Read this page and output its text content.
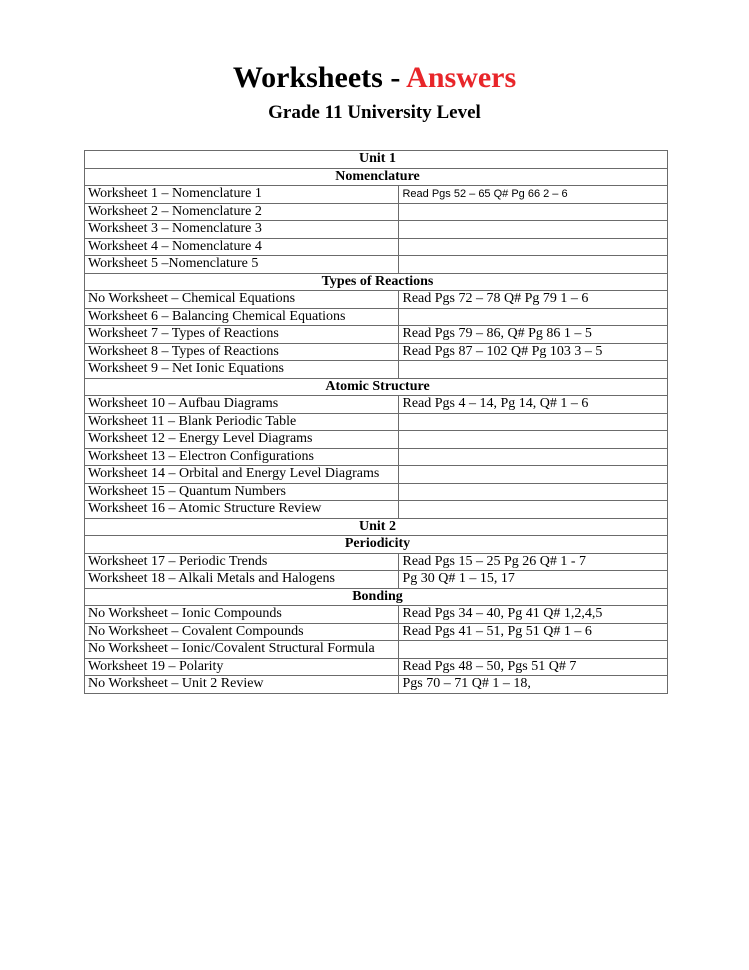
Worksheets - Answers
Grade 11 University Level
Unit 1	
Nomenclature	
Worksheet 1 – Nomenclature 1	Read Pgs 52 – 65 Q# Pg 66 2 – 6
Worksheet 2 – Nomenclature 2	
Worksheet 3 – Nomenclature 3	
Worksheet 4 – Nomenclature 4	
Worksheet 5 –Nomenclature 5	
Types of Reactions	
No Worksheet – Chemical Equations	Read Pgs 72 – 78 Q# Pg 79 1 – 6
Worksheet 6 – Balancing Chemical Equations	
Worksheet 7 – Types of Reactions	Read Pgs 79 – 86, Q# Pg 86 1 – 5
Worksheet 8 – Types of Reactions	Read Pgs 87 – 102 Q# Pg 103 3 – 5
Worksheet 9 – Net Ionic Equations	
Atomic Structure	
Worksheet 10 – Aufbau Diagrams	Read Pgs 4 – 14, Pg 14, Q# 1 – 6
Worksheet 11 – Blank Periodic Table	
Worksheet 12 – Energy Level Diagrams	
Worksheet 13 – Electron Configurations	
Worksheet 14 – Orbital and Energy Level Diagrams	
Worksheet 15 – Quantum Numbers	
Worksheet 16 – Atomic Structure Review	
Unit 2	
Periodicity	
Worksheet 17 – Periodic Trends	Read Pgs 15 – 25 Pg 26 Q# 1 - 7
Worksheet 18 – Alkali Metals and Halogens	Pg 30 Q# 1 – 15, 17
Bonding	
No Worksheet – Ionic Compounds	Read Pgs 34 – 40, Pg 41 Q# 1,2,4,5
No Worksheet – Covalent Compounds	Read Pgs 41 – 51, Pg 51 Q# 1 – 6
No Worksheet – Ionic/Covalent Structural Formula	
Worksheet 19 – Polarity	Read Pgs 48 – 50, Pgs 51 Q# 7
No Worksheet – Unit 2 Review	Pgs 70 – 71 Q# 1 – 18,
